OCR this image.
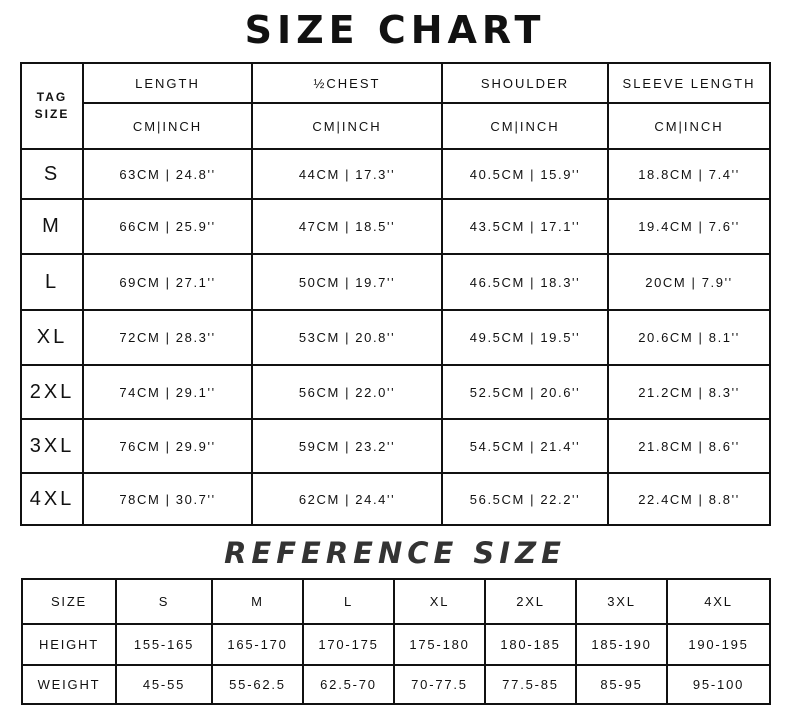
SIZE CHART
TAG
SIZE	LENGTH	½CHEST	SHOULDER	SLEEVE LENGTH
	CM|INCH	CM|INCH	CM|INCH	CM|INCH
S	63CM | 24.8''	44CM | 17.3''	40.5CM | 15.9''	18.8CM | 7.4''
M	66CM | 25.9''	47CM | 18.5''	43.5CM | 17.1''	19.4CM | 7.6''
L	69CM | 27.1''	50CM | 19.7''	46.5CM | 18.3''	20CM | 7.9''
XL	72CM | 28.3''	53CM | 20.8''	49.5CM | 19.5''	20.6CM | 8.1''
2XL	74CM | 29.1''	56CM | 22.0''	52.5CM | 20.6''	21.2CM | 8.3''
3XL	76CM | 29.9''	59CM | 23.2''	54.5CM | 21.4''	21.8CM | 8.6''
4XL	78CM | 30.7''	62CM | 24.4''	56.5CM | 22.2''	22.4CM | 8.8''
REFERENCE SIZE
SIZE	S	M	L	XL	2XL	3XL	4XL
HEIGHT	155-165	165-170	170-175	175-180	180-185	185-190	190-195
WEIGHT	45-55	55-62.5	62.5-70	70-77.5	77.5-85	85-95	95-100
